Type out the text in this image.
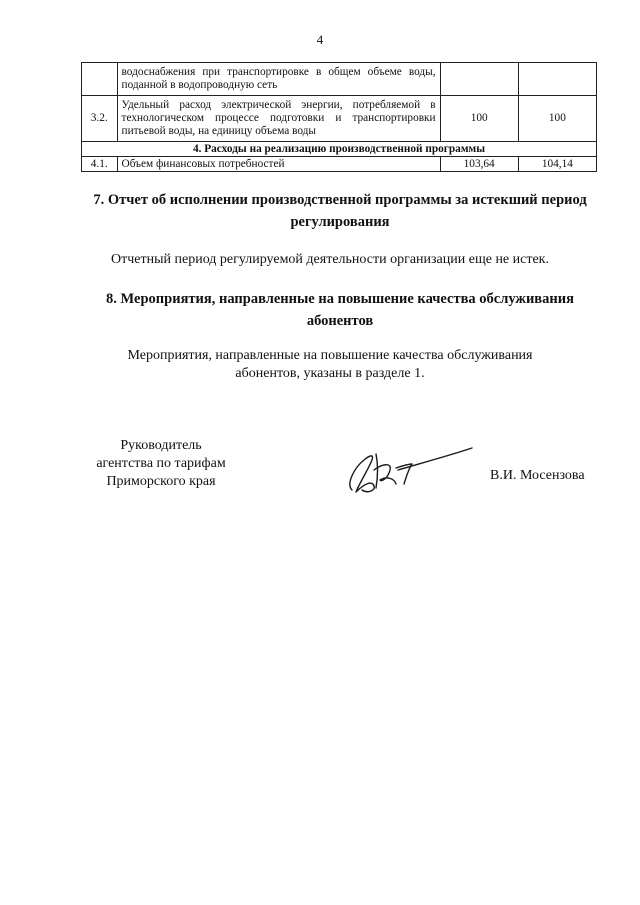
4
	водоснабжения при транспортировке в общем объеме воды, поданной в водопроводную сеть		
3.2.	Удельный расход электрической энергии, потребляемой в технологическом процессе подготовки и транспортировки питьевой воды, на единицу объема воды	100	100
4. Расходы на реализацию производственной программы			
4.1.	Объем финансовых потребностей	103,64	104,14
7. Отчет об исполнении производственной программы за истекший период
регулирования
Отчетный период регулируемой деятельности организации еще не истек.
8. Мероприятия, направленные на повышение качества обслуживания
абонентов
Мероприятия, направленные на повышение качества обслуживания
абонентов, указаны в разделе 1.
Руководитель
агентства по тарифам
Приморского края	В.И. Мосензова
